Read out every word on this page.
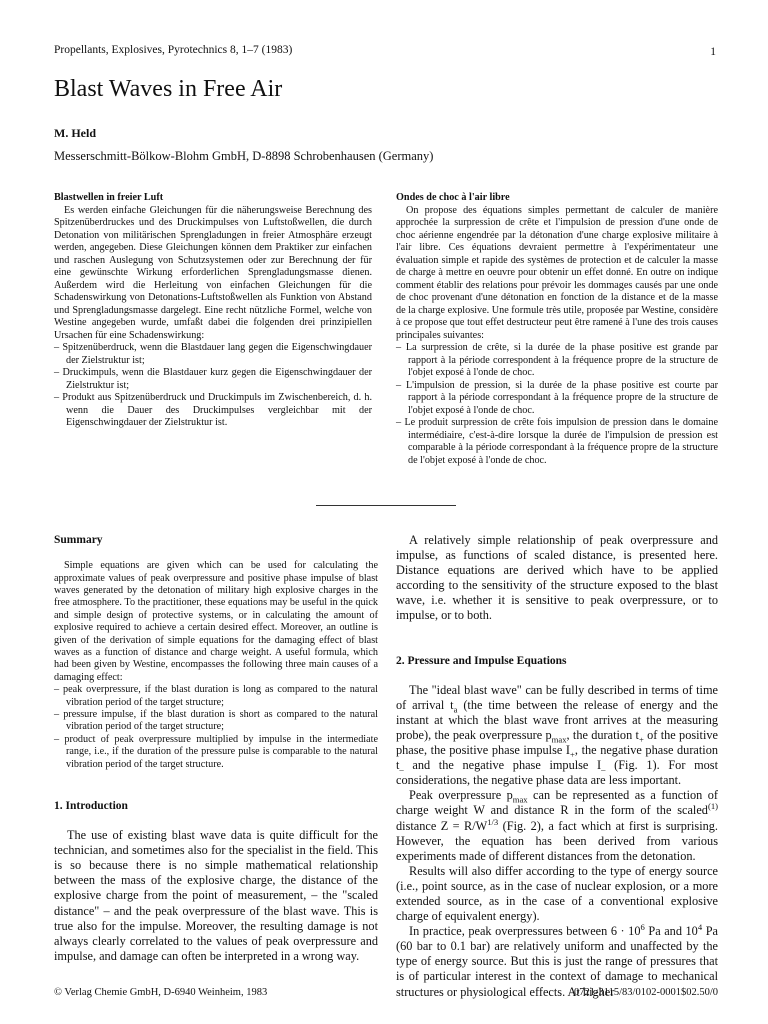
Propellants, Explosives, Pyrotechnics 8, 1–7 (1983)	1
Blast Waves in Free Air
M. Held
Messerschmitt-Bölkow-Blohm GmbH, D-8898 Schrobenhausen (Germany)
Blastwellen in freier Luft

Es werden einfache Gleichungen für die näherungsweise Berechnung des Spitzenüberdruckes und des Druckimpulses von Luftstoßwellen, die durch Detonation von militärischen Sprengladungen in freier Atmosphäre erzeugt werden, angegeben. Diese Gleichungen können dem Praktiker zur einfachen und raschen Auslegung von Schutzsystemen oder zur Berechnung der für eine gewünschte Wirkung erforderlichen Sprengladungsmasse dienen. Außerdem wird die Herleitung von einfachen Gleichungen für die Schadenswirkung von Detonations-Luftstoßwellen als Funktion von Abstand und Sprengladungsmasse dargelegt. Eine recht nützliche Formel, welche von Westine angegeben wurde, umfaßt dabei die folgenden drei prinzipiellen Ursachen für eine Schadenswirkung:

– Spitzenüberdruck, wenn die Blastdauer lang gegen die Eigenschwingdauer der Zielstruktur ist;
– Druckimpuls, wenn die Blastdauer kurz gegen die Eigenschwingdauer der Zielstruktur ist;
– Produkt aus Spitzenüberdruck und Druckimpuls im Zwischenbereich, d. h. wenn die Dauer des Druckimpulses vergleichbar mit der Eigenschwingdauer der Zielstruktur ist.
Ondes de choc à l'air libre

On propose des équations simples permettant de calculer de manière approchée la surpression de crête et l'impulsion de pression d'une onde de choc aérienne engendrée par la détonation d'une charge explosive militaire à l'air libre. Ces équations devraient permettre à l'expérimentateur une évaluation simple et rapide des systèmes de protection et de calculer la masse de charge à mettre en oeuvre pour obtenir un effet donné. En outre on indique comment établir des relations pour prévoir les dommages causés par une onde de choc provenant d'une détonation en fonction de la distance et de la masse de la charge explosive. Une formule très utile, proposée par Westine, considère à ce propose que tout effet destructeur peut être ramené à l'une des trois causes principales suivantes:

– La surpression de crête, si la durée de la phase positive est grande par rapport à la période correspondent à la fréquence propre de la structure de l'objet exposé à l'onde de choc.
– L'impulsion de pression, si la durée de la phase positive est courte par rapport à la période correspondant à la fréquence propre de la structure de l'objet exposé à l'onde de choc.
– Le produit surpression de crête fois impulsion de pression dans le domaine intermédiaire, c'est-à-dire lorsque la durée de l'impulsion de pression est comparable à la période correspondant à la fréquence propre de la structure de l'objet exposé à l'onde de choc.
Summary

Simple equations are given which can be used for calculating the approximate values of peak overpressure and positive phase impulse of blast waves generated by the detonation of military high explosive charges in the free atmosphere. To the practitioner, these equations may be useful in the quick and simple design of protective systems, or in calculating the amount of explosive required to achieve a certain desired effect. Moreover, an outline is given of the derivation of simple equations for the damaging effect of blast waves as a function of distance and charge weight. A useful formula, which had been given by Westine, encompasses the following three main causes of a damaging effect:

– peak overpressure, if the blast duration is long as compared to the natural vibration period of the target structure;
– pressure impulse, if the blast duration is short as compared to the natural vibration period of the target structure;
– product of peak overpressure multiplied by impulse in the intermediate range, i.e., if the duration of the pressure pulse is comparable to the natural vibration period of the target structure.
1. Introduction

The use of existing blast wave data is quite difficult for the technician, and sometimes also for the specialist in the field. This is so because there is no simple mathematical relationship between the mass of the explosive charge, the distance of the explosive charge from the point of measurement, – the "scaled distance" – and the peak overpressure of the blast wave. This is true also for the impulse. Moreover, the resulting damage is not always clearly correlated to the values of peak overpressure and impulse, and damage can often be interpreted in a wrong way.

A relatively simple relationship of peak overpressure and impulse, as functions of scaled distance, is presented here. Distance equations are derived which have to be applied according to the sensitivity of the structure exposed to the blast wave, i.e. whether it is sensitive to peak overpressure, or to impulse, or to both.

2. Pressure and Impulse Equations

The "ideal blast wave" can be fully described in terms of time of arrival $t_a$ (the time between the release of energy and the instant at which the blast wave front arrives at the measuring probe), the peak overpressure $p_{max}$, the duration $t_+$ of the positive phase, the positive phase impulse $I_+$, the negative phase duration $t_-$ and the negative phase impulse $I_-$ (Fig. 1). For most considerations, the negative phase data are less important.

Peak overpressure $p_{max}$ can be represented as a function of charge weight W and distance R in the form of the scaled$^{(1)}$ distance $Z = R/W^{1/3}$ (Fig. 2), a fact which at first is surprising. However, the equation has been derived from various experiments made of different distances from the detonation.

Results will also differ according to the type of energy source (i.e., point source, as in the case of nuclear explosion, or a more extended source, as in the case of a conventional explosive charge of equivalent energy).

In practice, peak overpressures between $6 \cdot 10^6$ Pa and $10^4$ Pa (60 bar to 0.1 bar) are relatively uniform and unaffected by the type of energy source. But this is just the range of pressures that is of particular interest in the context of damage to mechanical structures or physiological effects. At higher

© Verlag Chemie GmbH, D-6940 Weinheim, 1983	0721-3115/83/0102-0001$02.50/0
